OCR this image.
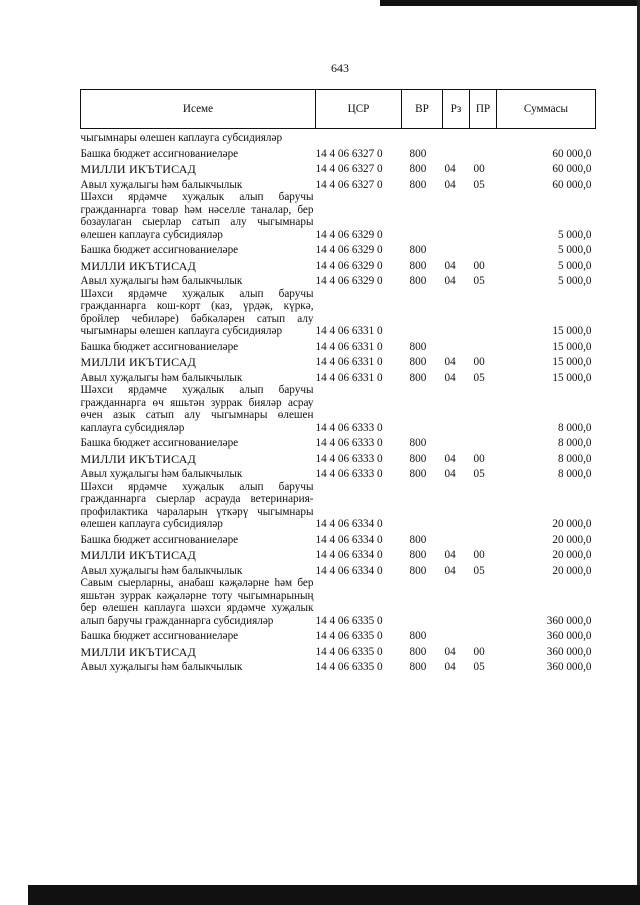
643
Исеме	ЦСР	ВР	Рз	ПР	Суммасы
чыгымнары өлешен каплауга субсидияләр					
Башка бюджет ассигнованиеләре	14 4 06 6327 0	800			60 000,0
МИЛЛИ ИКЪТИСАД	14 4 06 6327 0	800	04	00	60 000,0
Авыл хуҗалыгы һәм балыкчылык	14 4 06 6327 0	800	04	05	60 000,0
Шәхси ярдәмче хуҗалык алып баручы гражданнарга товар һәм нәселле таналар, бер бозаулаган сыерлар сатып алу чыгымнары өлешен каплауга субсидияләр	14 4 06 6329 0				5 000,0
Башка бюджет ассигнованиеләре	14 4 06 6329 0	800			5 000,0
МИЛЛИ ИКЪТИСАД	14 4 06 6329 0	800	04	00	5 000,0
Авыл хуҗалыгы һәм балыкчылык	14 4 06 6329 0	800	04	05	5 000,0
Шәхси ярдәмче хуҗалык алып баручы гражданнарга кош-корт (каз, үрдәк, күркә, бройлер чебиләре) бәбкәләрен сатып алу чыгымнары өлешен каплауга субсидияләр	14 4 06 6331 0				15 000,0
Башка бюджет ассигнованиеләре	14 4 06 6331 0	800			15 000,0
МИЛЛИ ИКЪТИСАД	14 4 06 6331 0	800	04	00	15 000,0
Авыл хуҗалыгы һәм балыкчылык	14 4 06 6331 0	800	04	05	15 000,0
Шәхси ярдәмче хуҗалык алып баручы гражданнарга өч яшьтән зуррак бияләр асрау өчен азык сатып алу чыгымнары өлешен каплауга субсидияләр	14 4 06 6333 0				8 000,0
Башка бюджет ассигнованиеләре	14 4 06 6333 0	800			8 000,0
МИЛЛИ ИКЪТИСАД	14 4 06 6333 0	800	04	00	8 000,0
Авыл хуҗалыгы һәм балыкчылык	14 4 06 6333 0	800	04	05	8 000,0
Шәхси ярдәмче хуҗалык алып баручы гражданнарга сыерлар асрауда ветеринария-профилактика чараларын үткәрү чыгымнары өлешен каплауга субсидияләр	14 4 06 6334 0				20 000,0
Башка бюджет ассигнованиеләре	14 4 06 6334 0	800			20 000,0
МИЛЛИ ИКЪТИСАД	14 4 06 6334 0	800	04	00	20 000,0
Авыл хуҗалыгы һәм балыкчылык	14 4 06 6334 0	800	04	05	20 000,0
Савым сыерларны, анабаш кәҗәләрне һәм бер яшьтән зуррак кәҗәләрне тоту чыгымнарының бер өлешен каплауга шәхси ярдәмче хуҗалык алып баручы гражданнарга субсидияләр	14 4 06 6335 0				360 000,0
Башка бюджет ассигнованиеләре	14 4 06 6335 0	800			360 000,0
МИЛЛИ ИКЪТИСАД	14 4 06 6335 0	800	04	00	360 000,0
Авыл хуҗалыгы һәм балыкчылык	14 4 06 6335 0	800	04	05	360 000,0
